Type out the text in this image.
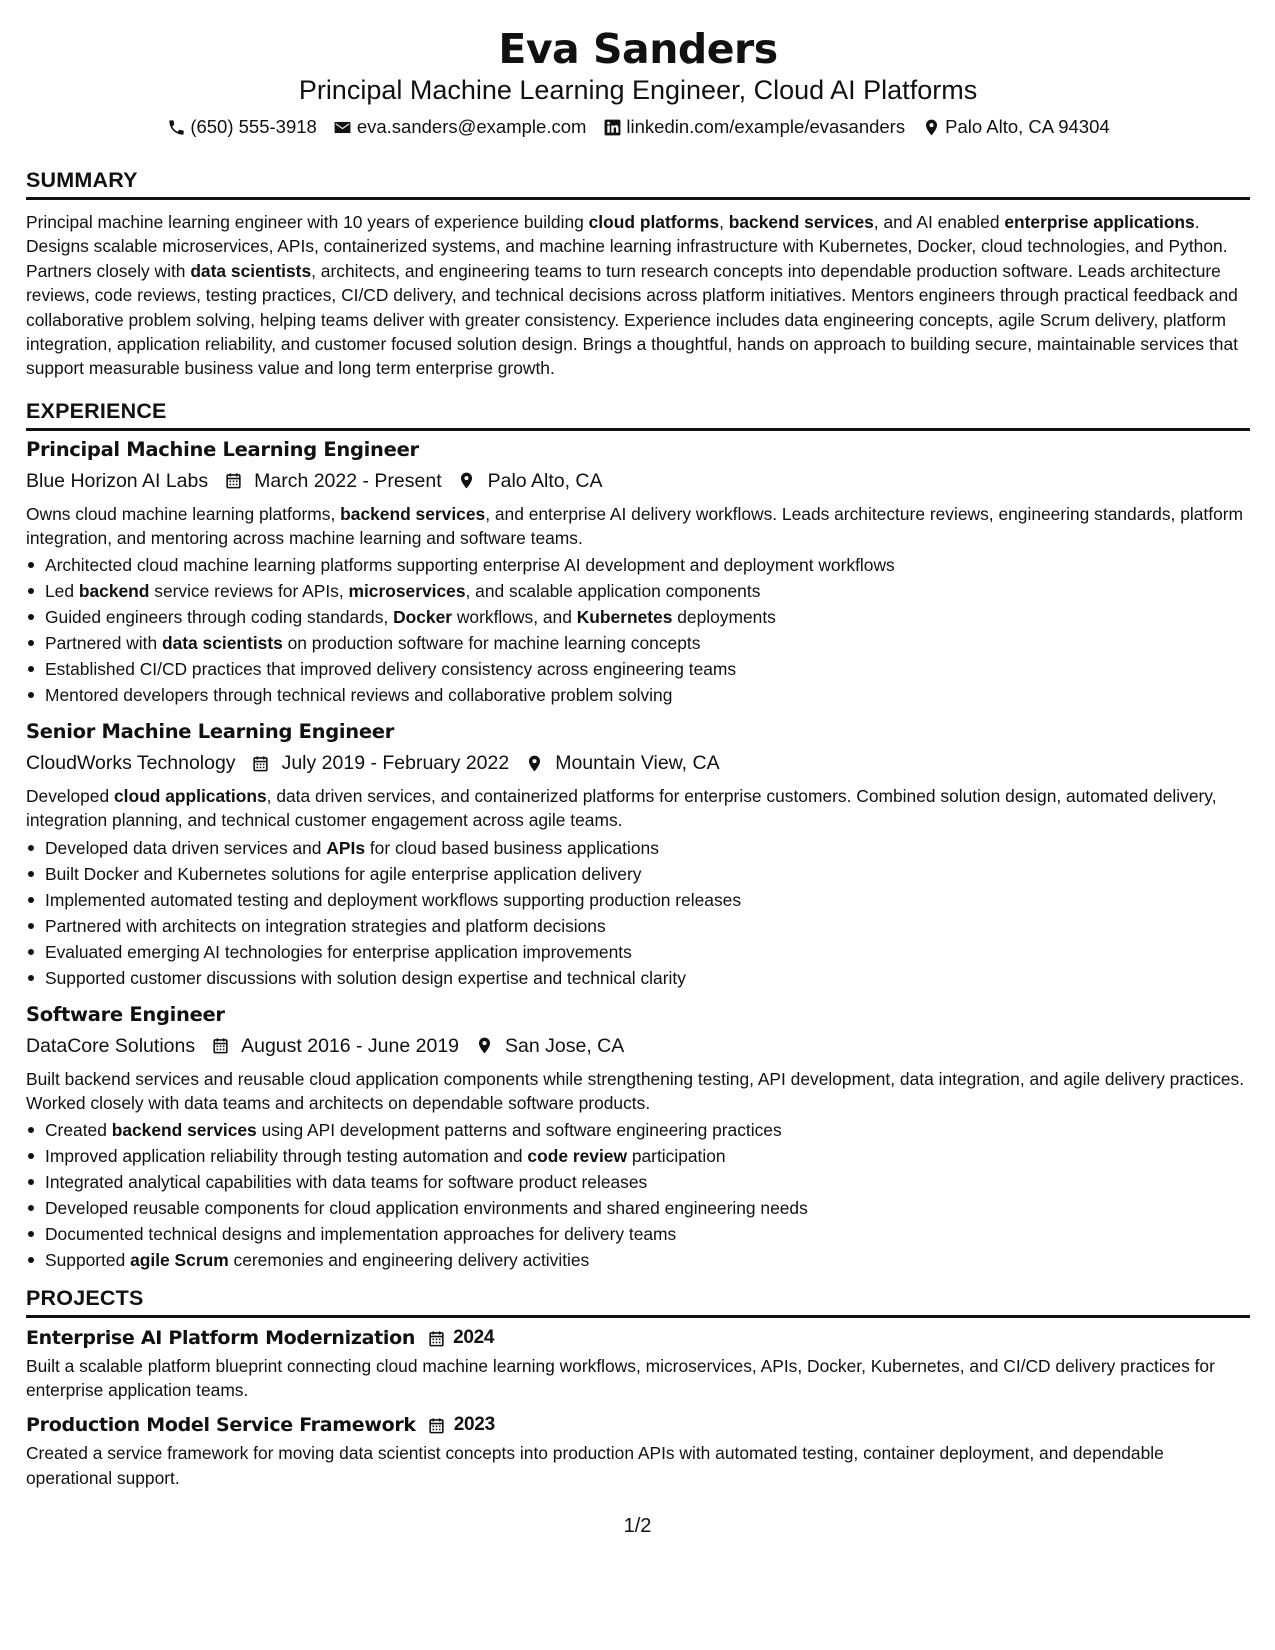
Eva Sanders
Principal Machine Learning Engineer, Cloud AI Platforms
(650) 555-3918 eva.sanders@example.com linkedin.com/example/evasanders Palo Alto, CA 94304
SUMMARY

Principal machine learning engineer with 10 years of experience building cloud platforms, backend services, and AI enabled enterprise applications. Designs scalable microservices, APIs, containerized systems, and machine learning infrastructure with Kubernetes, Docker, cloud technologies, and Python. Partners closely with data scientists, architects, and engineering teams to turn research concepts into dependable production software. Leads architecture reviews, code reviews, testing practices, CI/CD delivery, and technical decisions across platform initiatives. Mentors engineers through practical feedback and collaborative problem solving, helping teams deliver with greater consistency. Experience includes data engineering concepts, agile Scrum delivery, platform integration, application reliability, and customer focused solution design. Brings a thoughtful, hands on approach to building secure, maintainable services that support measurable business value and long term enterprise growth.

EXPERIENCE
Principal Machine Learning Engineer
Blue Horizon AI Labs March 2022 - Present Palo Alto, CA
Owns cloud machine learning platforms, backend services, and enterprise AI delivery workflows. Leads architecture reviews, engineering standards, platform integration, and mentoring across machine learning and software teams.
Architected cloud machine learning platforms supporting enterprise AI development and deployment workflows
Led backend service reviews for APIs, microservices, and scalable application components
Guided engineers through coding standards, Docker workflows, and Kubernetes deployments
Partnered with data scientists on production software for machine learning concepts
Established CI/CD practices that improved delivery consistency across engineering teams
Mentored developers through technical reviews and collaborative problem solving
Senior Machine Learning Engineer
CloudWorks Technology July 2019 - February 2022 Mountain View, CA
Developed cloud applications, data driven services, and containerized platforms for enterprise customers. Combined solution design, automated delivery, integration planning, and technical customer engagement across agile teams.
Developed data driven services and APIs for cloud based business applications
Built Docker and Kubernetes solutions for agile enterprise application delivery
Implemented automated testing and deployment workflows supporting production releases
Partnered with architects on integration strategies and platform decisions
Evaluated emerging AI technologies for enterprise application improvements
Supported customer discussions with solution design expertise and technical clarity
Software Engineer
DataCore Solutions August 2016 - June 2019 San Jose, CA
Built backend services and reusable cloud application components while strengthening testing, API development, data integration, and agile delivery practices. Worked closely with data teams and architects on dependable software products.
Created backend services using API development patterns and software engineering practices
Improved application reliability through testing automation and code review participation
Integrated analytical capabilities with data teams for software product releases
Developed reusable components for cloud application environments and shared engineering needs
Documented technical designs and implementation approaches for delivery teams
Supported agile Scrum ceremonies and engineering delivery activities
PROJECTS
Enterprise AI Platform Modernization 2024
Built a scalable platform blueprint connecting cloud machine learning workflows, microservices, APIs, Docker, Kubernetes, and CI/CD delivery practices for enterprise application teams.
Production Model Service Framework 2023
Created a service framework for moving data scientist concepts into production APIs with automated testing, container deployment, and dependable operational support.
1/2
